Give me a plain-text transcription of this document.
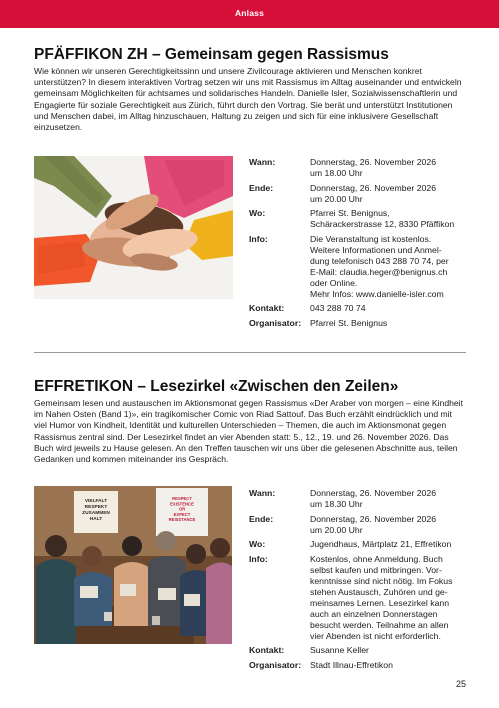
Anlass
PFÄFFIKON ZH – Gemeinsam gegen Rassismus
Wie können wir unseren Gerechtigkeitssinn und unsere Zivilcourage aktivieren und Menschen konkret unterstützen? In diesem interaktiven Vortrag setzen wir uns mit Rassismus im Alltag auseinander und entwickeln gemeinsam Möglichkeiten für achtsames und solidarisches Handeln. Danielle Isler, Sozialwissenschaftlerin und Engagierte für soziale Gerechtigkeit aus Zürich, führt durch den Vortrag. Sie berät und unterstützt Institutionen und Menschen dabei, im Alltag hinzuschauen, Haltung zu zeigen und sich für eine inklusivere Gesellschaft einzusetzen.
Wann:	Donnerstag, 26. November 2026
um 18.00 Uhr
Ende:	Donnerstag, 26. November 2026
um 20.00 Uhr
Wo:	Pfarrei St. Benignus,
Schärackerstrasse 12, 8330 Pfäffikon
Info:	Die Veranstaltung ist kostenlos.
Weitere Informationen und Anmel-
dung telefonisch 043 288 70 74, per
E-Mail: claudia.heger@benignus.ch
oder Online.
Mehr Infos: www.danielle-isler.com
Kontakt:	043 288 70 74
Organisator:	Pfarrei St. Benignus
EFFRETIKON – Lesezirkel «Zwischen den Zeilen»
Gemeinsam lesen und austauschen im Aktionsmonat gegen Rassismus «Der Araber von morgen – eine Kindheit im Nahen Osten (Band 1)», ein tragikomischer Comic von Riad Sattouf. Das Buch erzählt eindrücklich und mit viel Humor von Kindheit, Identität und kulturellen Unterschieden – Themen, die auch im Aktionsmonat gegen Rassismus zentral sind. Der Lesezirkel findet an vier Abenden statt: 5., 12., 19. und 26. November 2026. Das Buch wird jeweils zu Hause gelesen. An den Treffen tauschen wir uns über die gelesenen Abschnitte aus, teilen Gedanken und kommen miteinander ins Gespräch.
VIELFALT RESPEKT ZUSAMMEN HALT
RESPECT EXISTENCE OR EXPECT RESISTANCE
Wann:	Donnerstag, 26. November 2026
um 18.30 Uhr
Ende:	Donnerstag, 26. November 2026
um 20.00 Uhr
Wo:	Jugendhaus, Märtplatz 21, Effretikon
Info:	Kostenlos, ohne Anmeldung. Buch
selbst kaufen und mitbringen. Vor-
kenntnisse sind nicht nötig. Im Fokus
stehen Austausch, Zuhören und ge-
meinsames Lernen. Lesezirkel kann
auch an einzelnen Donnerstagen
besucht werden. Teilnahme an allen
vier Abenden ist nicht erforderlich.
Kontakt:	Susanne Keller
Organisator:	Stadt Illnau-Effretikon
25
